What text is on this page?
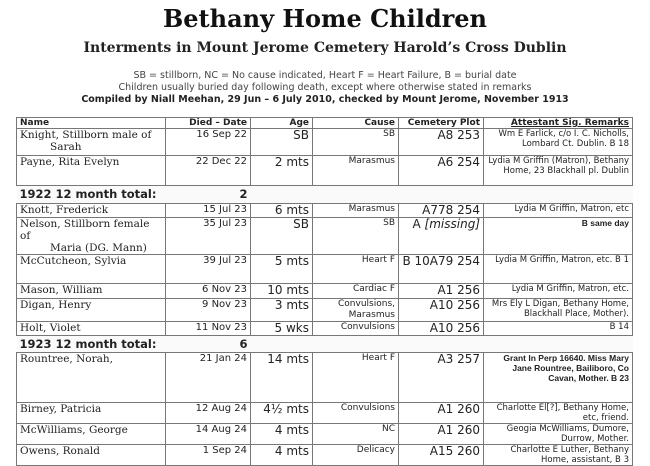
Bethany Home Children
Interments in Mount Jerome Cemetery Harold’s Cross Dublin
SB = stillborn, NC = No cause indicated, Heart F = Heart Failure, B = burial date
Children usually buried day following death, except where otherwise stated in remarks
Compiled by Niall Meehan, 29 Jun – 6 July 2010, checked by Mount Jerome, November 1913
Name	Died – Date	Age	Cause	Cemetery Plot	Attestant Sig. Remarks
Knight, Stillborn male of
Sarah	16 Sep 22	SB	SB	A8 253	Wm E Farlick, c/o I. C. Nicholls, Lombard Ct. Dublin. B 18
Payne, Rita Evelyn	22 Dec 22	2 mts	Marasmus	A6 254	Lydia M Griffin (Matron), Bethany Home, 23 Blackhall pl. Dublin
1922 12 month total:	2				
Knott, Frederick	15 Jul 23	6 mts	Marasmus	A778 254	Lydia M Griffin, Matron, etc
Nelson, Stillborn female of
Maria (DG. Mann)	35 Jul 23	SB	SB	A [missing]	B same day
McCutcheon, Sylvia	39 Jul 23	5 mts	Heart F	B 10A79 254	Lydia M Griffin, Matron, etc. B 1
Mason, William	6 Nov 23	10 mts	Cardiac F	A1 256	Lydia M Griffin, Matron, etc.
Digan, Henry	9 Nov 23	3 mts	Convulsions, Marasmus	A10 256	Mrs Ely L Digan, Bethany Home, Blackhall Place, Mother).
Holt, Violet	11 Nov 23	5 wks	Convulsions	A10 256	B 14
1923 12 month total:	6				
Rountree, Norah,	21 Jan 24	14 mts	Heart F	A3 257	Grant In Perp 16640. Miss Mary Jane Rountree, Bailiboro, Co Cavan, Mother. B 23
Birney, Patricia	12 Aug 24	4½ mts	Convulsions	A1 260	Charlotte El[?], Bethany Home, etc, friend.
McWilliams, George	14 Aug 24	4 mts	NC	A1 260	Geogia McWilliams, Dumore, Durrow, Mother.
Owens, Ronald	1 Sep 24	4 mts	Delicacy	A15 260	Charlotte E Luther, Bethany Home, assistant, B 3
